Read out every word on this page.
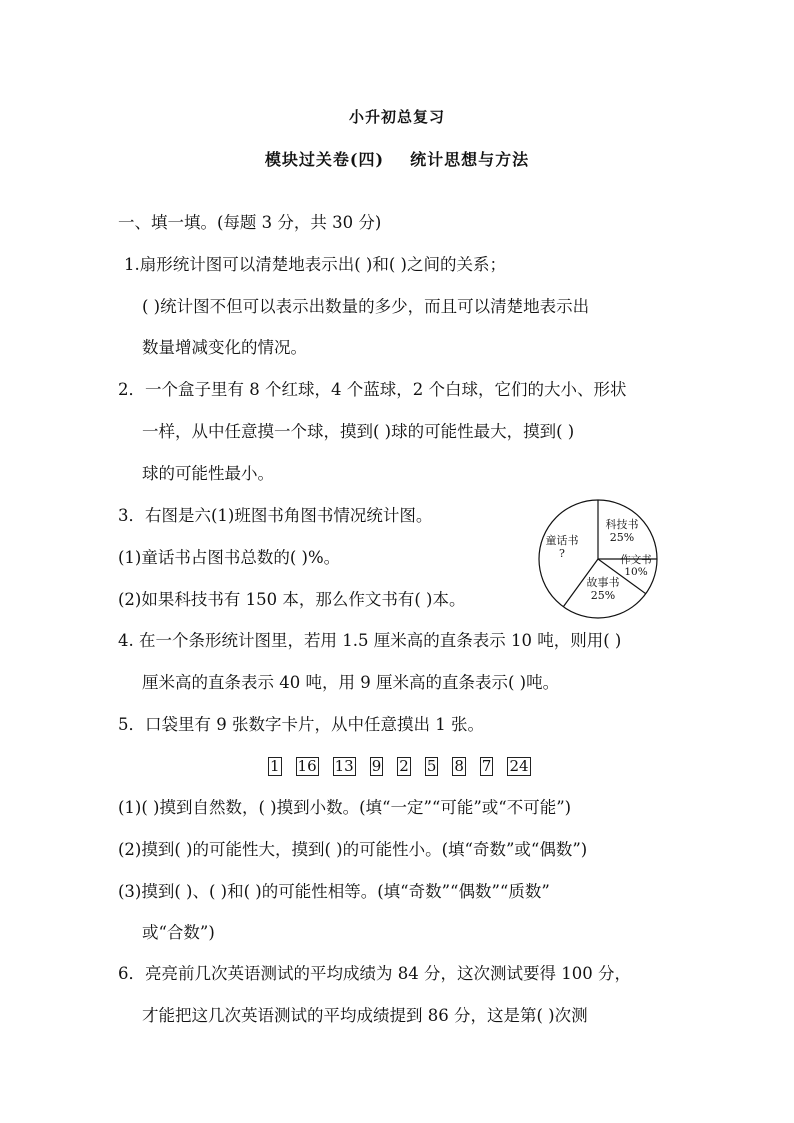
小升初总复习
模块过关卷(四) 统计思想与方法
一、填一填。(每题 3 分，共 30 分)
1.扇形统计图可以清楚地表示出( )和( )之间的关系；
( )统计图不但可以表示出数量的多少，而且可以清楚地表示出
数量增减变化的情况。
2．一个盒子里有 8 个红球，4 个蓝球，2 个白球，它们的大小、形状
一样，从中任意摸一个球，摸到( )球的可能性最大，摸到( )
球的可能性最小。
3．右图是六(1)班图书角图书情况统计图。
(1)童话书占图书总数的( )%。
(2)如果科技书有 150 本，那么作文书有( )本。
童话书
?
科技书
25%
作文书
10%
故事书
25%
4. 在一个条形统计图里，若用 1.5 厘米高的直条表示 10 吨，则用( )
厘米高的直条表示 40 吨，用 9 厘米高的直条表示( )吨。
5．口袋里有 9 张数字卡片，从中任意摸出 1 张。
1 16 13 9 2 5 8 7 24
(1)( )摸到自然数，( )摸到小数。(填“一定”“可能”或“不可能”)
(2)摸到( )的可能性大，摸到( )的可能性小。(填“奇数”或“偶数”)
(3)摸到( )、( )和( )的可能性相等。(填“奇数”“偶数”“质数”
或“合数”)
6．亮亮前几次英语测试的平均成绩为 84 分，这次测试要得 100 分，
才能把这几次英语测试的平均成绩提到 86 分，这是第( )次测
